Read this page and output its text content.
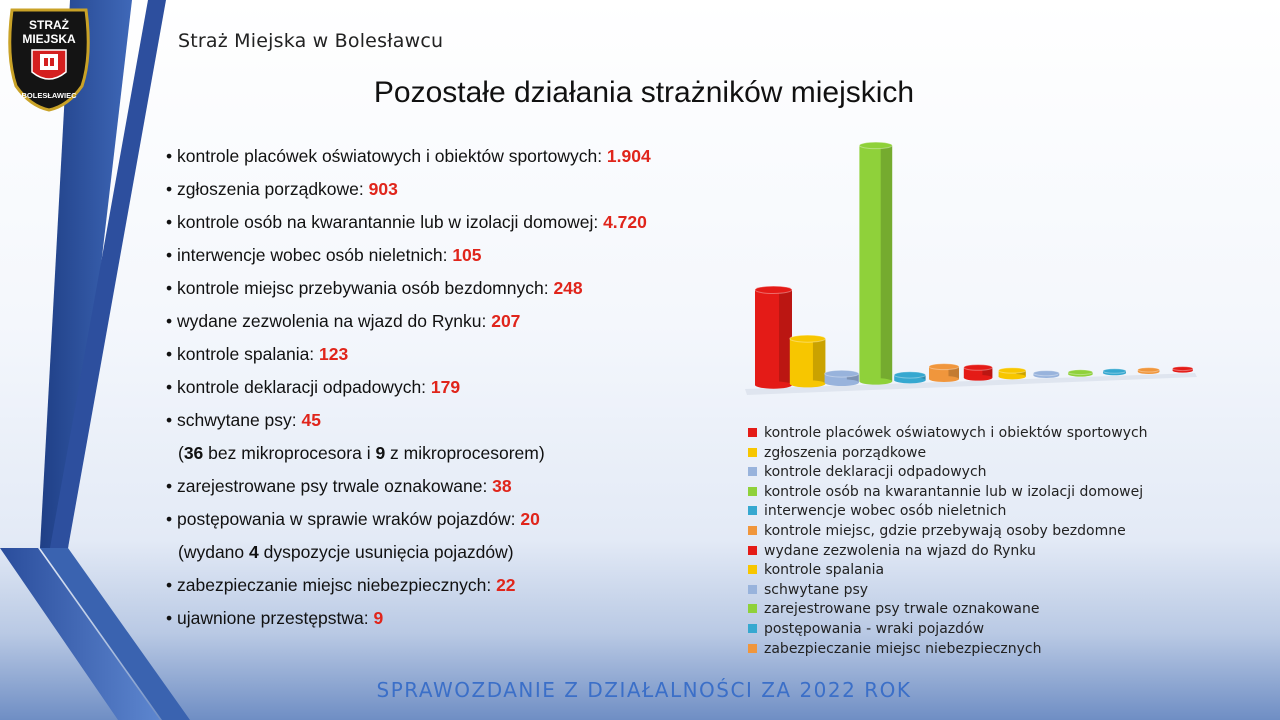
STRAŻ
MIEJSKA
BOLESŁAWIEC
Straż Miejska w Bolesławcu
Pozostałe działania strażników miejskich
• kontrole placówek oświatowych i obiektów sportowych: 1.904
• zgłoszenia porządkowe: 903
• kontrole osób na kwarantannie lub w izolacji domowej: 4.720
• interwencje wobec osób nieletnich: 105
• kontrole miejsc przebywania osób bezdomnych: 248
• wydane zezwolenia na wjazd do Rynku: 207
• kontrole spalania: 123
• kontrole deklaracji odpadowych: 179
• schwytane psy: 45
(36 bez mikroprocesora i 9 z mikroprocesorem)
• zarejestrowane psy trwale oznakowane: 38
• postępowania w sprawie wraków pojazdów: 20
(wydano 4 dyspozycje usunięcia pojazdów)
• zabezpieczanie miejsc niebezpiecznych: 22
• ujawnione przestępstwa: 9
kontrole placówek oświatowych i obiektów sportowych
zgłoszenia porządkowe
kontrole deklaracji odpadowych
kontrole osób na kwarantannie lub w izolacji domowej
interwencje wobec osób nieletnich
kontrole miejsc, gdzie przebywają osoby bezdomne
wydane zezwolenia na wjazd do Rynku
kontrole spalania
schwytane psy
zarejestrowane psy trwale oznakowane
postępowania - wraki pojazdów
zabezpieczanie miejsc niebezpiecznych
SPRAWOZDANIE Z DZIAŁALNOŚCI ZA 2022 ROK
